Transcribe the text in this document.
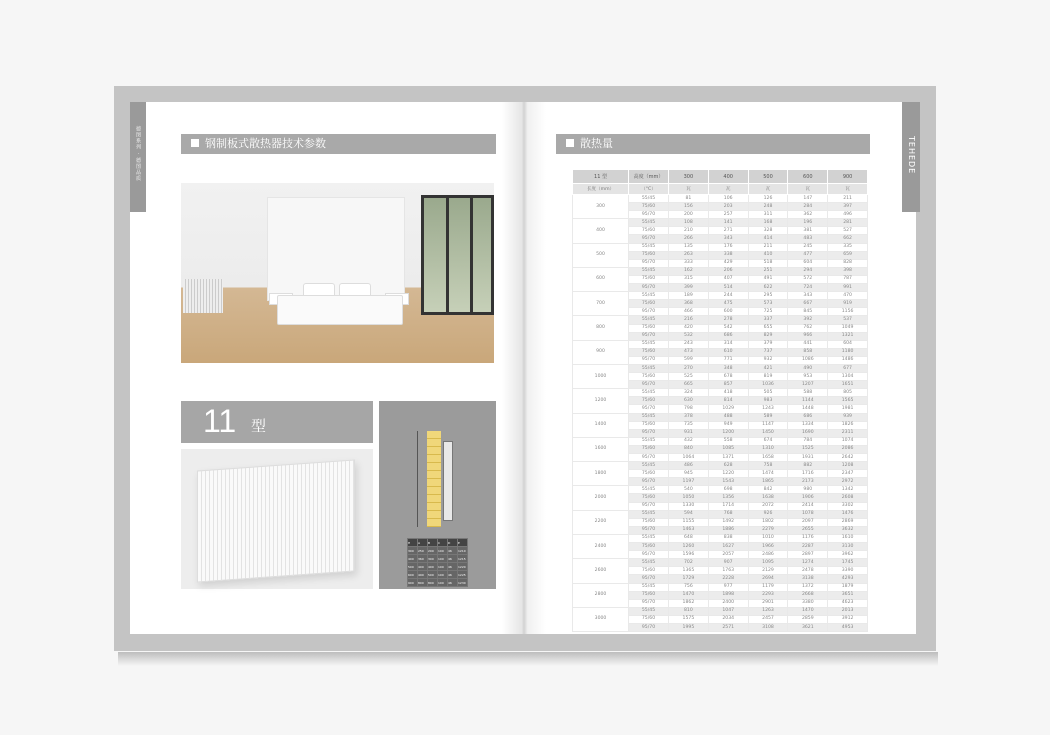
德图系列 · 德图品质	TEHEDE
钢制板式散热器技术参数	散热量
11 型
H	A	B	C	D	E
300	250	200	100	46	1210
400	360	300	100	46	1215
500	400	400	100	46	1220
600	490	500	100	46	1225
900	800	800	100	46	1230
11 型	高度（mm）	300	400	500	600	900
长度（mm）	（°C）	瓦	瓦	瓦	瓦	瓦
300	55/45	81	106	126	147	211
	75/60	156	203	248	284	397
	95/70	200	257	311	362	496
400	55/45	108	141	168	196	281
	75/60	210	271	328	381	527
	95/70	266	343	414	483	662
500	55/45	135	176	211	245	335
	75/60	263	338	410	477	659
	95/70	333	429	518	604	828
600	55/45	162	206	251	294	398
	75/60	315	407	491	572	787
	95/70	399	514	622	724	991
700	55/45	189	244	295	343	470
	75/60	368	475	573	667	919
	95/70	466	600	725	845	1156
800	55/45	216	278	337	392	537
	75/60	420	542	655	762	1049
	95/70	532	686	829	966	1321
900	55/45	243	314	379	441	604
	75/60	473	610	737	858	1180
	95/70	599	771	932	1086	1486
1000	55/45	270	348	421	490	677
	75/60	525	678	819	953	1304
	95/70	665	857	1036	1207	1651
1200	55/45	324	418	505	588	805
	75/60	630	814	983	1144	1565
	95/70	798	1029	1243	1448	1981
1400	55/45	378	488	589	686	939
	75/60	735	949	1147	1334	1826
	95/70	931	1200	1450	1690	2311
1600	55/45	432	558	674	784	1074
	75/60	840	1085	1310	1525	2086
	95/70	1064	1371	1658	1931	2642
1800	55/45	486	628	758	882	1208
	75/60	945	1220	1474	1716	2347
	95/70	1197	1543	1865	2173	2972
2000	55/45	540	698	842	980	1342
	75/60	1050	1356	1638	1906	2608
	95/70	1330	1714	2072	2414	3302
2200	55/45	594	768	926	1078	1476
	75/60	1155	1492	1802	2097	2869
	95/70	1463	1886	2279	2655	3632
2400	55/45	648	838	1010	1176	1610
	75/60	1260	1627	1966	2287	3130
	95/70	1596	2057	2486	2897	3962
2600	55/45	702	907	1095	1274	1745
	75/60	1365	1763	2129	2478	3390
	95/70	1729	2228	2694	3138	4293
2800	55/45	756	977	1179	1372	1879
	75/60	1470	1898	2293	2668	3651
	95/70	1862	2400	2901	3380	4623
3000	55/45	810	1047	1263	1470	2013
	75/60	1575	2034	2457	2859	3912
	95/70	1995	2571	3108	3621	4953
